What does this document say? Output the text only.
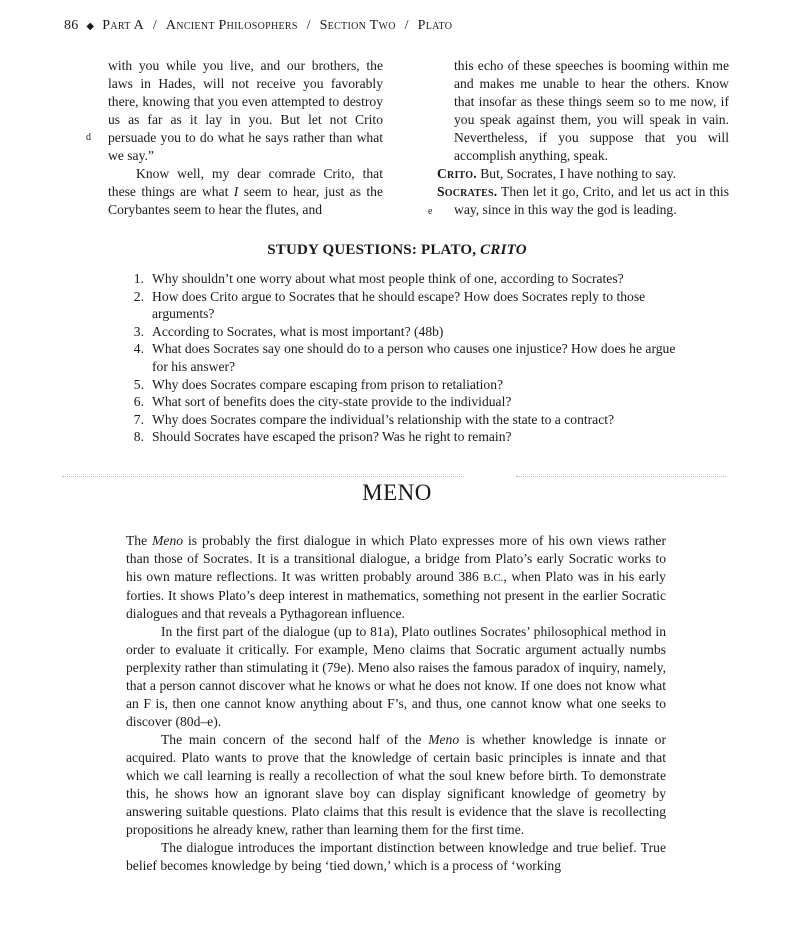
86 ◆ Part A / Ancient Philosophers / Section Two / Plato
d
e

with you while you live, and our brothers, the laws in Hades, will not receive you favorably there, knowing that you even attempted to destroy us as far as it lay in you. But let not Crito persuade you to do what he says rather than what we say.”

Know well, my dear comrade Crito, that these things are what I seem to hear, just as the Corybantes seem to hear the flutes, and

this echo of these speeches is booming within me and makes me unable to hear the others. Know that insofar as these things seem so to me now, if you speak against them, you will speak in vain. Nevertheless, if you suppose that you will accomplish anything, speak.

Crito. But, Socrates, I have nothing to say.

Socrates. Then let it go, Crito, and let us act in this way, since in this way the god is leading.

STUDY QUESTIONS: PLATO, CRITO
1. Why shouldn’t one worry about what most people think of one, according to Socrates?
2. How does Crito argue to Socrates that he should escape? How does Socrates reply to those arguments?
3. According to Socrates, what is most important? (48b)
4. What does Socrates say one should do to a person who causes one injustice? How does he argue for his answer?
5. Why does Socrates compare escaping from prison to retaliation?
6. What sort of benefits does the city-state provide to the individual?
7. Why does Socrates compare the individual’s relationship with the state to a contract?
8. Should Socrates have escaped the prison? Was he right to remain?
MENO

The Meno is probably the first dialogue in which Plato expresses more of his own views rather than those of Socrates. It is a transitional dialogue, a bridge from Plato’s early Socratic works to his own mature reflections. It was written probably around 386 B.C., when Plato was in his early forties. It shows Plato’s deep interest in mathematics, something not present in the earlier Socratic dialogues and that reveals a Pythagorean influence.

In the first part of the dialogue (up to 81a), Plato outlines Socrates’ philosophical method in order to evaluate it critically. For example, Meno claims that Socratic argument actually numbs perplexity rather than stimulating it (79e). Meno also raises the famous paradox of inquiry, namely, that a person cannot discover what he knows or what he does not know. If one does not know what an F is, then one cannot know anything about F’s, and thus, one cannot know what one seeks to discover (80d–e).

The main concern of the second half of the Meno is whether knowledge is innate or acquired. Plato wants to prove that the knowledge of certain basic principles is innate and that which we call learning is really a recollection of what the soul knew before birth. To demonstrate this, he shows how an ignorant slave boy can display significant knowledge of geometry by answering suitable questions. Plato claims that this result is evidence that the slave is recollecting propositions he already knew, rather than learning them for the first time.

The dialogue introduces the important distinction between knowledge and true belief. True belief becomes knowledge by being ‘tied down,’ which is a process of ‘working
